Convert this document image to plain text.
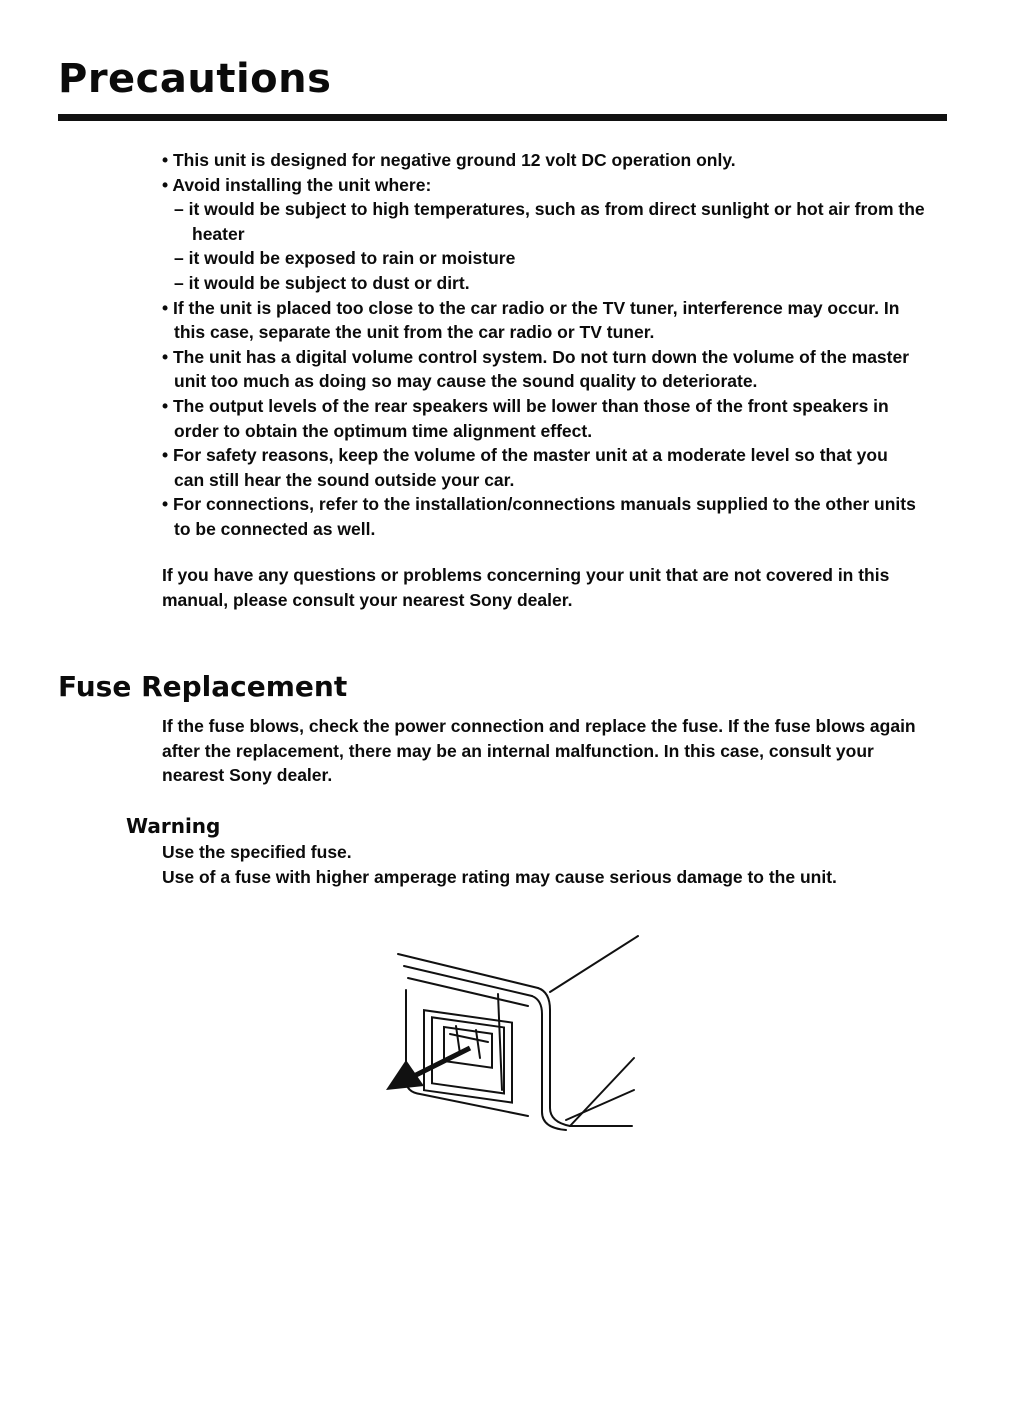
Precautions
• This unit is designed for negative ground 12 volt DC operation only.
• Avoid installing the unit where:
– it would be subject to high temperatures, such as from direct sunlight or hot air from the
heater
– it would be exposed to rain or moisture
– it would be subject to dust or dirt.
• If the unit is placed too close to the car radio or the TV tuner, interference may occur. In
this case, separate the unit from the car radio or TV tuner.
• The unit has a digital volume control system. Do not turn down the volume of the master
unit too much as doing so may cause the sound quality to deteriorate.
• The output levels of the rear speakers will be lower than those of the front speakers in
order to obtain the optimum time alignment effect.
• For safety reasons, keep the volume of the master unit at a moderate level so that you
can still hear the sound outside your car.
• For connections, refer to the installation/connections manuals supplied to the other units
to be connected as well.
If you have any questions or problems concerning your unit that are not covered in this
manual, please consult your nearest Sony dealer.
Fuse Replacement
If the fuse blows, check the power connection and replace the fuse. If the fuse blows again
after the replacement, there may be an internal malfunction. In this case, consult your
nearest Sony dealer.
Warning
Use the specified fuse.
Use of a fuse with higher amperage rating may cause serious damage to the unit.
